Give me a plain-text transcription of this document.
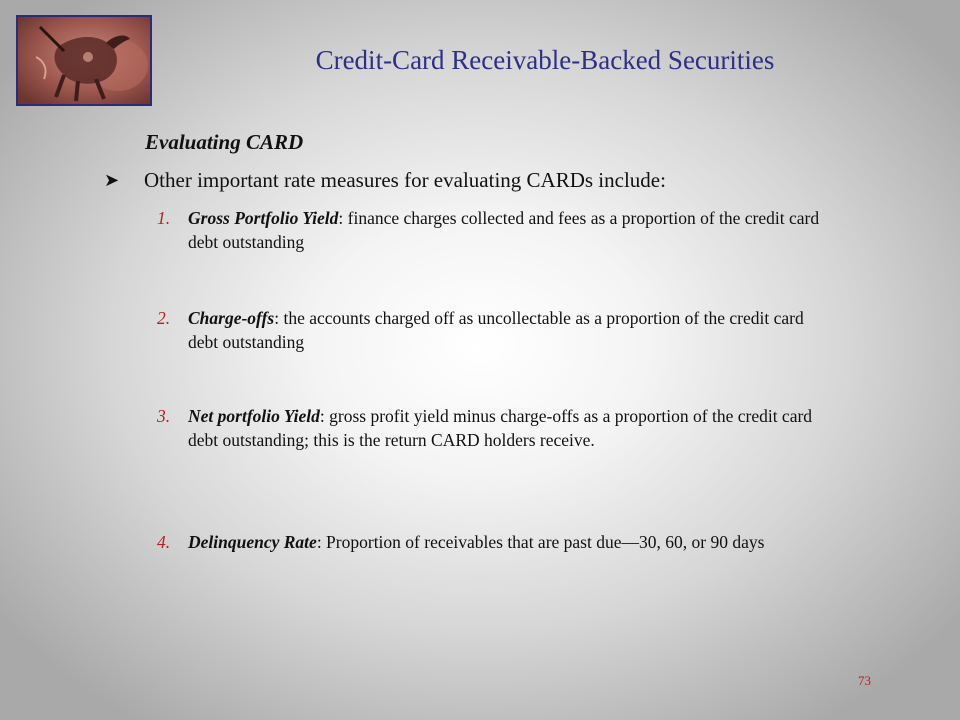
Credit-Card Receivable-Backed Securities
Evaluating CARD
➤	Other important rate measures for evaluating CARDs include:
1.	Gross Portfolio Yield: finance charges collected and fees as a proportion of the credit card debt outstanding
2.	Charge-offs: the accounts charged off as uncollectable as a proportion of the credit card debt outstanding
3.	Net portfolio Yield: gross profit yield minus charge-offs as a proportion of the credit card debt outstanding; this is the return CARD holders receive.
4.	Delinquency Rate: Proportion of receivables that are past due—30, 60, or 90 days
73
